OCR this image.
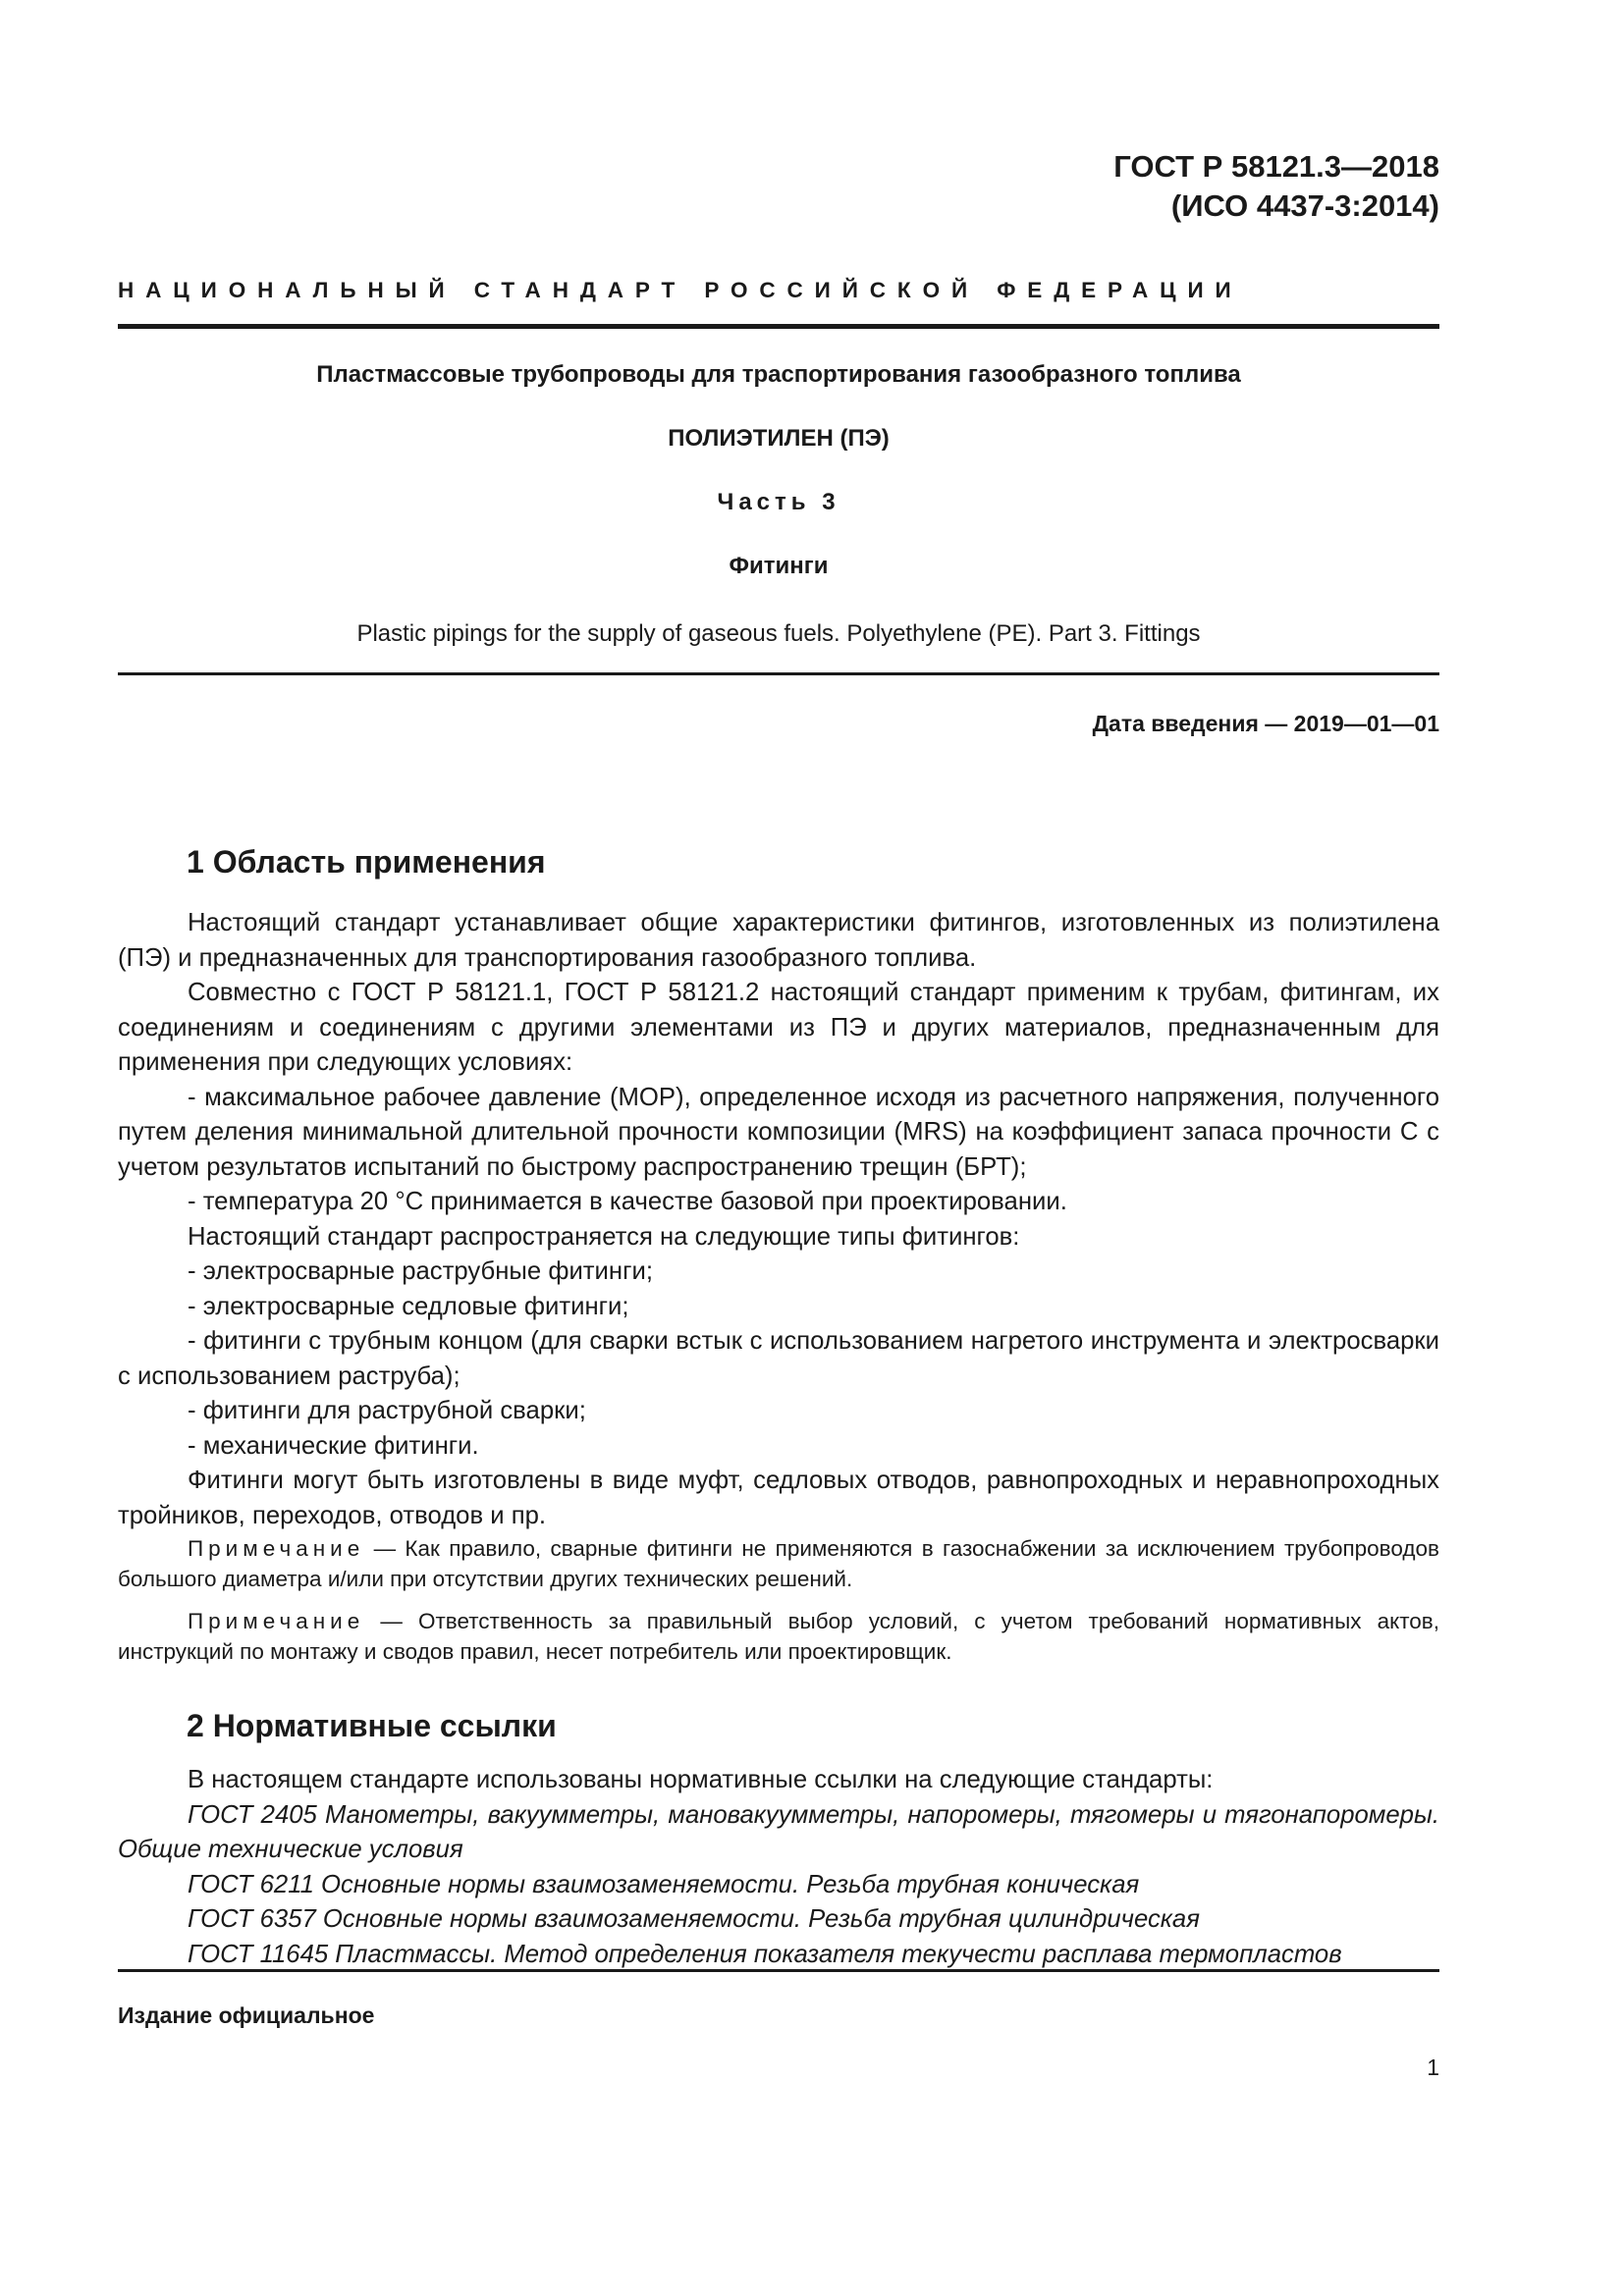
ГОСТ Р 58121.3—2018
(ИСО 4437-3:2014)
НАЦИОНАЛЬНЫЙ СТАНДАРТ РОССИЙСКОЙ ФЕДЕРАЦИИ
Пластмассовые трубопроводы для траспортирования газообразного топлива
ПОЛИЭТИЛЕН (ПЭ)
Часть 3
Фитинги
Plastic pipings for the supply of gaseous fuels. Polyethylene (PE). Part 3. Fittings
Дата введения — 2019—01—01
1 Область применения

Настоящий стандарт устанавливает общие характеристики фитингов, изготовленных из полиэтилена (ПЭ) и предназначенных для транспортирования газообразного топлива.

Совместно с ГОСТ Р 58121.1, ГОСТ Р 58121.2 настоящий стандарт применим к трубам, фитингам, их соединениям и соединениям с другими элементами из ПЭ и других материалов, предназначенным для применения при следующих условиях:

- максимальное рабочее давление (МОР), определенное исходя из расчетного напряжения, полученного путем деления минимальной длительной прочности композиции (MRS) на коэффициент запаса прочности С с учетом результатов испытаний по быстрому распространению трещин (БРТ);

- температура 20 °С принимается в качестве базовой при проектировании.

Настоящий стандарт распространяется на следующие типы фитингов:

- электросварные раструбные фитинги;

- электросварные седловые фитинги;

- фитинги с трубным концом (для сварки встык с использованием нагретого инструмента и электросварки с использованием раструба);

- фитинги для раструбной сварки;

- механические фитинги.

Фитинги могут быть изготовлены в виде муфт, седловых отводов, равнопроходных и неравнопроходных тройников, переходов, отводов и пр.

Примечание — Как правило, сварные фитинги не применяются в газоснабжении за исключением трубопроводов большого диаметра и/или при отсутствии других технических решений.

Примечание — Ответственность за правильный выбор условий, с учетом требований нормативных актов, инструкций по монтажу и сводов правил, несет потребитель или проектировщик.

2 Нормативные ссылки

В настоящем стандарте использованы нормативные ссылки на следующие стандарты:

ГОСТ 2405 Манометры, вакуумметры, мановакуумметры, напоромеры, тягомеры и тягонапоромеры. Общие технические условия

ГОСТ 6211 Основные нормы взаимозаменяемости. Резьба трубная коническая

ГОСТ 6357 Основные нормы взаимозаменяемости. Резьба трубная цилиндрическая

ГОСТ 11645 Пластмассы. Метод определения показателя текучести расплава термопластов

Издание официальное
1
